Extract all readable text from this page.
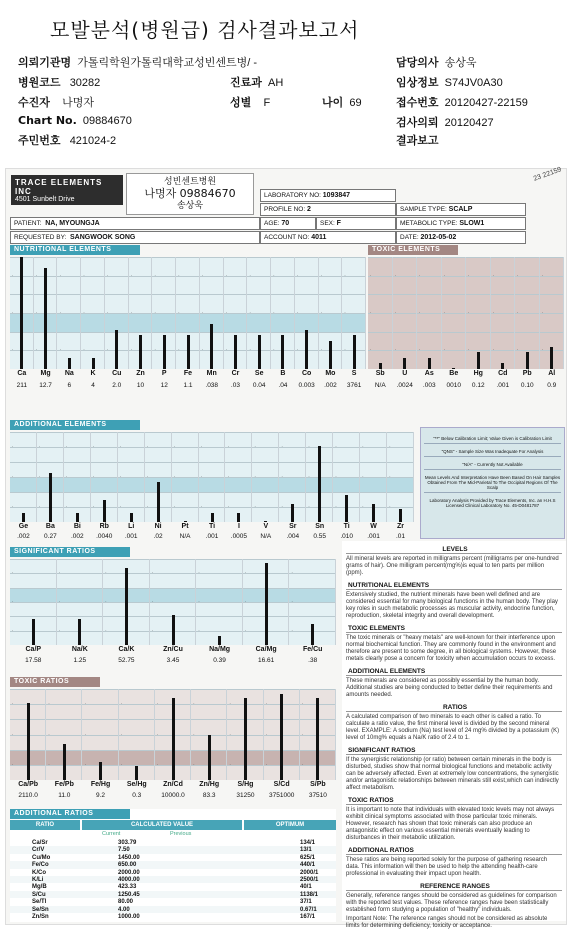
모발분석(병원급) 검사결과보고서
의뢰기관명 가톨릭학원가톨릭대학교성빈센트병/ -	담당의사 송상욱
병원코드 30282	진료과 AH	임상정보 S74JV0A30
수진자 나명자	성별 F	나이 69	접수번호 20120427-22159
Chart No. 09884670	검사의뢰 20120427
주민번호 421024-2	결과보고
TRACE ELEMENTS INC
4501 Sunbelt Drive
성빈센트병원
나명자 09884670
송상욱
23 22159
LABORATORY NO: 1093847
PROFILE NO: 2	SAMPLE TYPE: SCALP
PATIENT: NA, MYOUNGJA	AGE: 70	SEX: F	METABOLIC TYPE: SLOW1
REQUESTED BY: SANGWOOK SONG	ACCOUNT NO: 4011	DATE: 2012-05-02
NUTRITIONAL ELEMENTS
·
·
·
·
·
·
·
·
·
·
·
·
·
·
·
·
·
·
·
·
·
·
·
·
·
·
·
·
·
·
·
·
·
·
·
·
·
·
·
·
·
·
·
·
·
Ca
211
Mg
12.7
Na
6
K
4
Cu
2.0
Zn
10
P
12
Fe
1.1
Mn
.038
Cr
.03
Se
0.04
B
.04
Co
0.003
Mo
.002
S
3761
TOXIC ELEMENTS
·
·
·
·
·
·
·
·
·
·
·
·
·
·
·
·
·
·
·
·
·
·
·
·
Sb
N/A
U
.0024
As
.003
Be
0010
Hg
0.12
Cd
.001
Pb
0.10
Al
0.9
ADDITIONAL ELEMENTS
·
·
·
·
·
·
·
·
·
·
·
·
·
·
·
·
·
·
·
·
·
·
·
·
·
·
·
·
·
·
·
·
·
·
·
·
·
·
·
·
·
·
·
·
·
Ge
.002
Ba
0.27
Bi
.002
Rb
.0040
Li
.001
Ni
.02
Pt
N/A
Ti
.001
I
.0005
V
N/A
Sr
.004
Sn
0.55
Ti
.010
W
.001
Zr
.01
"**" Below Calibration Limit; Value Given is Calibration Limit
"QNS" - Sample Size Was Inadequate For Analysis
"N/A" - Currently Not Available
Mean Levels And Interpretation Have Been Based On Hair Samples Obtained From The Mid-Parietal To The Occipital Regions Of The Scalp
Laboratory Analysis Provided by Trace Elements, Inc. an H.H.S Licensed Clinical Laboratory No. 45-D0481787
SIGNIFICANT RATIOS
·
·
·
·
·
·
·
·
·
·
·
·
·
·
·
·
·
·
·
·
·
Ca/P
17.58
Na/K
1.25
Ca/K
52.75
Zn/Cu
3.45
Na/Mg
0.39
Ca/Mg
16.61
Fe/Cu
.38
TOXIC RATIOS
·
·
·
·
·
·
·
·
·
·
·
·
·
·
·
·
·
·
·
·
·
·
·
·
·
·
·
Ca/Pb
2110.0
Fe/Pb
11.0
Fe/Hg
9.2
Se/Hg
0.3
Zn/Cd
10000.0
Zn/Hg
83.3
S/Hg
31250
S/Cd
3751000
S/Pb
37510
ADDITIONAL RATIOS
RATIO	CALCULATED VALUE	OPTIMUM
Current	Previous
Ca/Sr	303.79	134/1
Cr/V	7.50	13/1
Cu/Mo	1450.00	625/1
Fe/Co	650.00	440/1
K/Co	2000.00	2000/1
K/Li	4000.00	2500/1
Mg/B	423.33	40/1
S/Cu	1250.45	1138/1
Se/Tl	80.00	37/1
Se/Sn	4.00	0.67/1
Zn/Sn	1000.00	167/1
LEVELS

All mineral levels are reported in milligrams percent (milligrams per one-hundred grams of hair). One milligram percent(mg%)is equal to ten parts per million (ppm).

NUTRITIONAL ELEMENTS

Extensively studied, the nutrient minerals have been well defined and are considered essential for many biological functions in the human body. They play key roles in such metabolic processes as muscular activity, endocrine function, reproduction, skeletal integrity and overall development.

TOXIC ELEMENTS

The toxic minerals or "heavy metals" are well-known for their interference upon normal biochemical function. They are commonly found in the environment and therefore are present to some degree, in all biological systems. However, these metals clearly pose a concern for toxicity when accumulation occurs to excess.

ADDITIONAL ELEMENTS

These minerals are considered as possibly essential by the human body. Additional studies are being conducted to better define their requirements and amounts needed.

RATIOS

A calculated comparison of two minerals to each other is called a ratio. To calculate a ratio value, the first mineral level is divided by the second mineral level. EXAMPLE: A sodium (Na) test level of 24 mg% divided by a potassium (K) level of 10mg% equals a Na/K ratio of 2.4 to 1.

SIGNIFICANT RATIOS

If the synergistic relationship (or ratio) between certain minerals in the body is disturbed, studies show that normal biological functions and metabolic activity can be adversely affected. Even at extremely low concentrations, the synergistic and/or antagonistic relationships between minerals still exist,which can indirectly affect metabolism.

TOXIC RATIOS

It is important to note that individuals with elevated toxic levels may not always exhibit clinical symptoms associated with those particular toxic minerals. However, research has shown that toxic minerals can also produce an antagonistic effect on various essential minerals eventually leading to disturbances in their metabolic utilization.

ADDITIONAL RATIOS

These ratios are being reported solely for the purpose of gathering research data. This information will then be used to help the attending health-care professional in evaluating their impact upon health.

REFERENCE RANGES

Generally, reference ranges should be considered as guidelines for comparison with the reported test values. These reference ranges have been statistically established form studying a population of "healthy" individuals.

Important Note: The reference ranges should not be considered as absolute limits for determining deficiency, toxicity or acceptance.
